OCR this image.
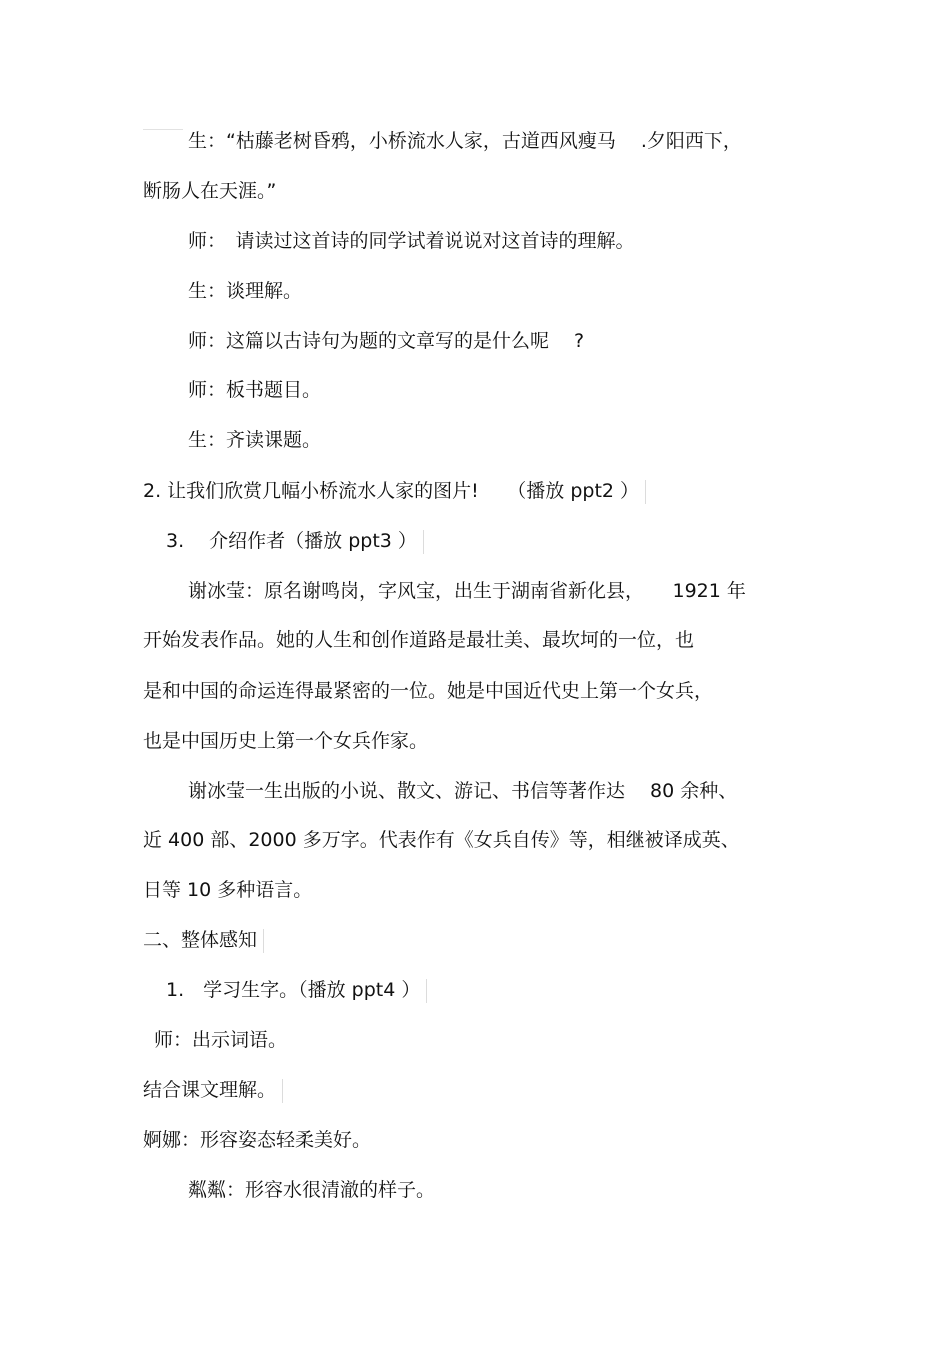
生：“枯藤老树昏鸦，小桥流水人家，古道西风瘦马　 .夕阳西下，
断肠人在天涯。”
师：　请读过这首诗的同学试着说说对这首诗的理解。
生：谈理解。
师：这篇以古诗句为题的文章写的是什么呢　 ?
师：板书题目。
生：齐读课题。
2. 让我们欣赏几幅小桥流水人家的图片!　　（播放 ppt2 ）
3.　 介绍作者（播放 ppt3 ）
谢冰莹：原名谢鸣岗，字风宝，出生于湖南省新化县，　　1921 年
开始发表作品。她的人生和创作道路是最壮美、最坎坷的一位，也
是和中国的命运连得最紧密的一位。她是中国近代史上第一个女兵，
也是中国历史上第一个女兵作家。
谢冰莹一生出版的小说、散文、游记、书信等著作达　 80 余种、
近 400 部、2000 多万字。代表作有《女兵自传》等，相继被译成英、
日等 10 多种语言。
二、整体感知
1.　学习生字。（播放 ppt4 ）
师：出示词语。
结合课文理解。
婀娜：形容姿态轻柔美好。
粼粼：形容水很清澈的样子。
